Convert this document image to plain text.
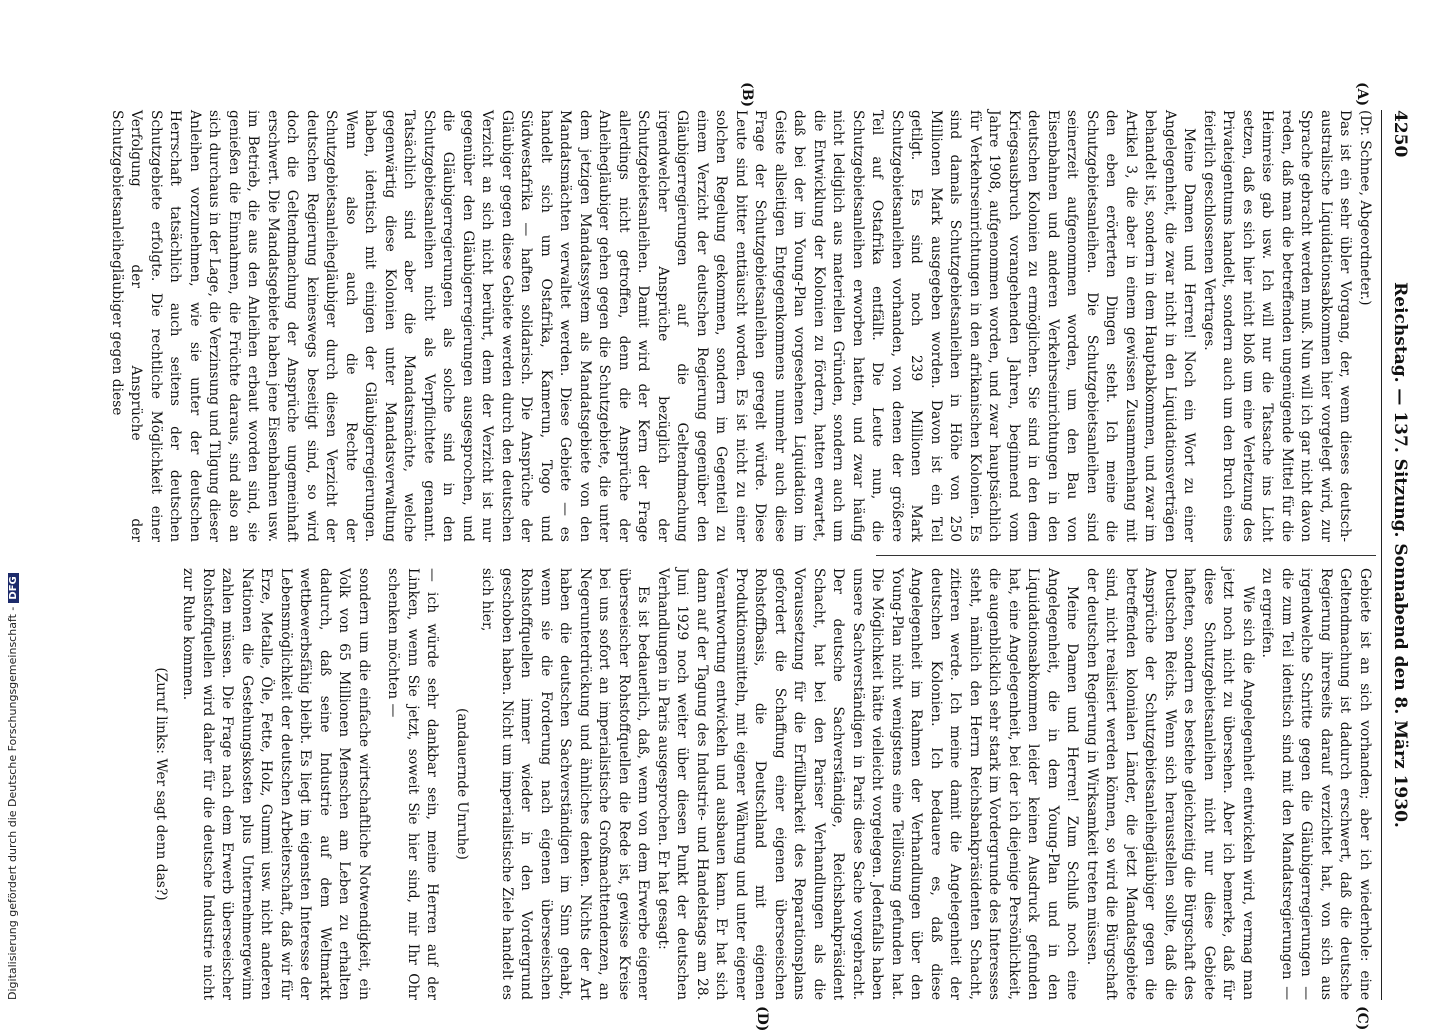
4250
Reichstag. — 137. Sitzung. Sonnabend den 8. März 1930.
(A)
(B)
(C)
(D)

(Dr. Schnee, Abgeordneter.)

Das ist ein sehr übler Vorgang, der, wenn dieses deutsch-australische Liquidationsabkommen hier vorgelegt wird, zur Sprache gebracht werden muß. Nun will ich gar nicht davon reden, daß man die betreffenden ungenügende Mittel für die Heimreise gab usw. Ich will nur die Tatsache ins Licht setzen, daß es sich hier nicht bloß um eine Verletzung des Privateigentums handelt, sondern auch um den Bruch eines feierlich geschlossenen Vertrages.

Meine Damen und Herren! Noch ein Wort zu einer Angelegenheit, die zwar nicht in den Liquidationsverträgen behandelt ist, sondern in dem Hauptabkommen, und zwar im Artikel 3, die aber in einem gewissen Zusammenhang mit den eben erörterten Dingen steht. Ich meine die Schutzgebietsanleihen. Die Schutzgebietsanleihen sind seinerzeit aufgenommen worden, um den Bau von Eisenbahnen und anderen Verkehrseinrichtungen in den deutschen Kolonien zu ermöglichen. Sie sind in den dem Kriegsausbruch vorangehenden Jahren, beginnend vom Jahre 1908, aufgenommen worden, und zwar hauptsächlich für Verkehrseinrichtungen in den afrikanischen Kolonien. Es sind damals Schutzgebietsanleihen in Höhe von 250 Millionen Mark ausgegeben worden. Davon ist ein Teil getilgt. Es sind noch 239 Millionen Mark Schutzgebietsanleihen vorhanden, von denen der größere Teil auf Ostafrika entfällt. Die Leute nun, die Schutzgebietsanleihen erworben hatten, und zwar häufig nicht lediglich aus materiellen Gründen, sondern auch um die Entwicklung der Kolonien zu fördern, hatten erwartet, daß bei der im Young-Plan vorgesehenen Liquidation im Geiste allseitigen Entgegenkommens nunmehr auch diese Frage der Schutzgebietsanleihen geregelt würde. Diese Leute sind bitter enttäuscht worden. Es ist nicht zu einer solchen Regelung gekommen, sondern im Gegenteil zu einem Verzicht der deutschen Regierung gegenüber den Gläubigerregierungen auf die Geltendmachung irgendwelcher Ansprüche bezüglich der Schutzgebietsanleihen. Damit wird der Kern der Frage allerdings nicht getroffen, denn die Ansprüche der Anleihegläubiger gehen gegen die Schutzgebiete, die unter dem jetzigen Mandatssystem als Mandatsgebiete von den Mandatsmächten verwaltet werden. Diese Gebiete — es handelt sich um Ostafrika, Kamerun, Togo und Südwestafrika — haften solidarisch. Die Ansprüche der Gläubiger gegen diese Gebiete werden durch den deutschen Verzicht an sich nicht berührt, denn der Verzicht ist nur gegenüber den Gläubigerregierungen ausgesprochen, und die Gläubigerregierungen als solche sind in den Schutzgebietsanleihen nicht als Verpflichtete genannt. Tatsächlich sind aber die Mandatsmächte, welche gegenwärtig diese Kolonien unter Mandatsverwaltung haben, identisch mit einigen der Gläubigerregierungen. Wenn also auch die Rechte der Schutzgebietsanleihegläubiger durch diesen Verzicht der deutschen Regierung keineswegs beseitigt sind, so wird doch die Geltendmachung der Ansprüche ungemeinhaft erschwert. Die Mandatsgebiete haben jene Eisenbahnen usw. im Betrieb, die aus den Anleihen erbaut worden sind, sie genießen die Einnahmen, die Früchte daraus, sind also an sich durchaus in der Lage, die Verzinsung und Tilgung dieser Anleihen vorzunehmen, wie sie unter der deutschen Herrschaft tatsächlich auch seitens der deutschen Schutzgebiete erfolgte. Die rechtliche Möglichkeit einer Verfolgung der Ansprüche der Schutzgebietsanleihegläubiger gegen diese

Gebiete ist an sich vorhanden; aber ich wiederhole: eine Geltendmachung ist dadurch erschwert, daß die deutsche Regierung ihrerseits darauf verzichtet hat, von sich aus irgendwelche Schritte gegen die Gläubigerregierungen — die zum Teil identisch sind mit den Mandatsregierungen — zu ergreifen.

Wie sich die Angelegenheit entwickeln wird, vermag man jetzt noch nicht zu übersehen. Aber ich bemerke, daß für diese Schutzgebietsanleihen nicht nur diese Gebiete hafteten, sondern es bestehe gleichzeitig die Bürgschaft des Deutschen Reichs. Wenn sich herausstellen sollte, daß die Ansprüche der Schutzgebietsanleihegläubiger gegen die betreffenden kolonialen Länder, die jetzt Mandatsgebiete sind, nicht realisiert werden können, so wird die Bürgschaft der deutschen Regierung in Wirksamkeit treten müssen.

Meine Damen und Herren! Zum Schluß noch eine Angelegenheit, die in dem Young-Plan und in den Liquidationsabkommen leider keinen Ausdruck gefunden hat, eine Angelegenheit, bei der ich diejenige Persönlichkeit, die augenblicklich sehr stark im Vordergrunde des Interesses steht, nämlich den Herrn Reichsbankpräsidenten Schacht, zitieren werde. Ich meine damit die Angelegenheit der deutschen Kolonien. Ich bedauere es, daß diese Angelegenheit im Rahmen der Verhandlungen über den Young-Plan nicht wenigstens eine Teillösung gefunden hat. Die Möglichkeit hätte vielleicht vorgelegen. Jedenfalls haben unsere Sachverständigen in Paris diese Sache vorgebracht. Der deutsche Sachverständige, Reichsbankpräsident Schacht, hat bei den Pariser Verhandlungen als die Voraussetzung für die Erfüllbarkeit des Reparationsplans gefordert die Schaffung einer eigenen überseeischen Rohstoffbasis, die Deutschland mit eigenen Produktionsmitteln, mit eigener Währung und unter eigener Verantwortung entwickeln und ausbauen kann. Er hat sich dann auf der Tagung des Industrie- und Handelstags am 28. Juni 1929 noch weiter über diesen Punkt der deutschen Verhandlungen in Paris ausgesprochen. Er hat gesagt:

Es ist bedauerlich, daß, wenn von dem Erwerbe eigener überseeischer Rohstoffquellen die Rede ist, gewisse Kreise bei uns sofort an imperialistische Großmachttendenzen, an Negerunterdrückung und ähnliches denken. Nichts der Art haben die deutschen Sachverständigen im Sinn gehabt, wenn sie die Forderung nach eigenen überseeischen Rohstoffquellen immer wieder in den Vordergrund geschoben haben. Nicht um imperialistische Ziele handelt es sich hier,

(andauernde Unruhe)

— ich würde sehr dankbar sein, meine Herren auf der Linken, wenn Sie jetzt, soweit Sie hier sind, mir Ihr Ohr schenken möchten —

sondern um die einfache wirtschaftliche Notwendigkeit, ein Volk von 65 Millionen Menschen am Leben zu erhalten dadurch, daß seine Industrie auf dem Weltmarkt wettbewerbsfähig bleibt. Es liegt im eigensten Interesse der Lebensmöglichkeit der deutschen Arbeiterschaft, daß wir für Erze, Metalle, Öle, Fette, Holz, Gummi usw. nicht anderen Nationen die Gestehungskosten plus Unternehmergewinn zahlen müssen. Die Frage nach dem Erwerb überseeischer Rohstoffquellen wird daher für die deutsche Industrie nicht zur Ruhe kommen.

(Zuruf links: Wer sagt denn das?)

Digitalisierung gefördert durch die Deutsche Forschungsgemeinschaft -DFG
